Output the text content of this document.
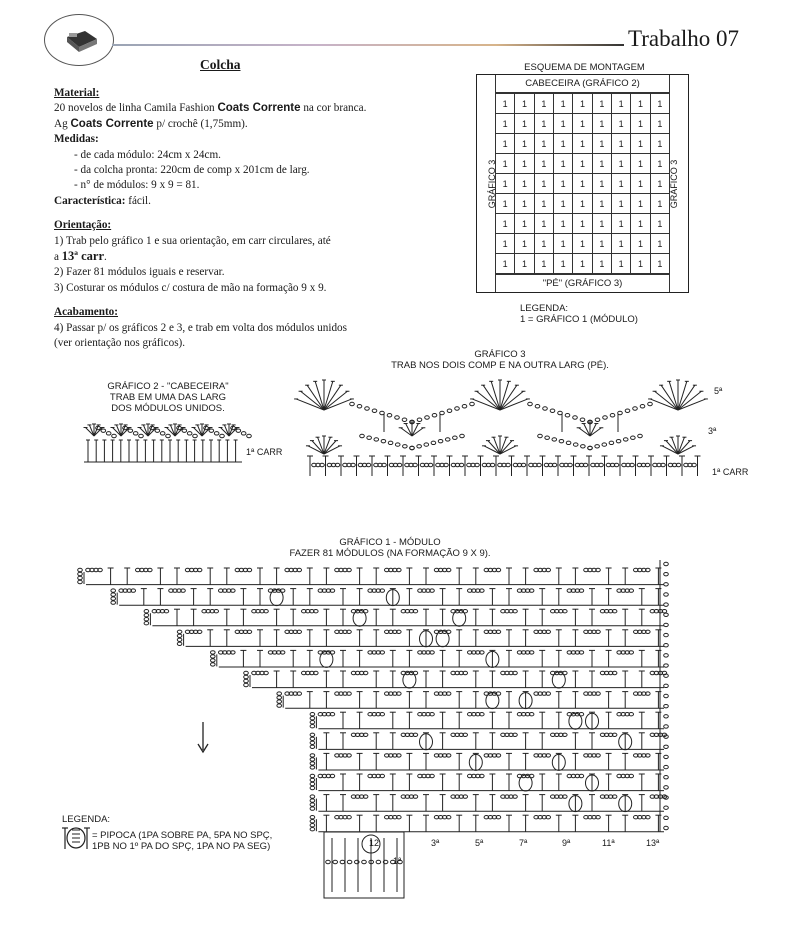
Trabalho 07
Colcha
Material:
20 novelos de linha Camila Fashion Coats Corrente na cor branca.
Ag Coats Corrente p/ crochê (1,75mm).
Medidas:
- de cada módulo: 24cm x 24cm.
- da colcha pronta: 220cm de comp x 201cm de larg.
- n° de módulos: 9 x 9 = 81.
Característica: fácil.
Orientação:
1) Trab pelo gráfico 1 e sua orientação, em carr circulares, até
a 13ª carr.
2) Fazer 81 módulos iguais e reservar.
3) Costurar os módulos c/ costura de mão na formação 9 x 9.
Acabamento:
4) Passar p/ os gráficos 2 e 3, e trab em volta dos módulos unidos
(ver orientação nos gráficos).
ESQUEMA DE MONTAGEM
CABECEIRA (GRÁFICO 2)
GRÁFICO 3
1	1	1	1	1	1	1	1	1
1	1	1	1	1	1	1	1	1
1	1	1	1	1	1	1	1	1
1	1	1	1	1	1	1	1	1
1	1	1	1	1	1	1	1	1
1	1	1	1	1	1	1	1	1
1	1	1	1	1	1	1	1	1
1	1	1	1	1	1	1	1	1
1	1	1	1	1	1	1	1	1
GRÁFICO 3
"PÉ" (GRÁFICO 3)
LEGENDA:
1 = GRÁFICO 1 (MÓDULO)
GRÁFICO 2 - "CABECEIRA"
TRAB EM UMA DAS LARG
DOS MÓDULOS UNIDOS.
1ª CARR
GRÁFICO 3
TRAB NOS DOIS COMP E NA OUTRA LARG (PÉ).
5ª
3ª
1ª CARR
GRÁFICO 1 - MÓDULO
FAZER 81 MÓDULOS (NA FORMAÇÃO 9 X 9).
12
1ª
3ª	5ª	7ª	9ª	11ª	13ª
LEGENDA:
= PIPOCA (1PA SOBRE PA, 5PA NO SPÇ,
1PB NO 1º PA DO SPÇ, 1PA NO PA SEG)
